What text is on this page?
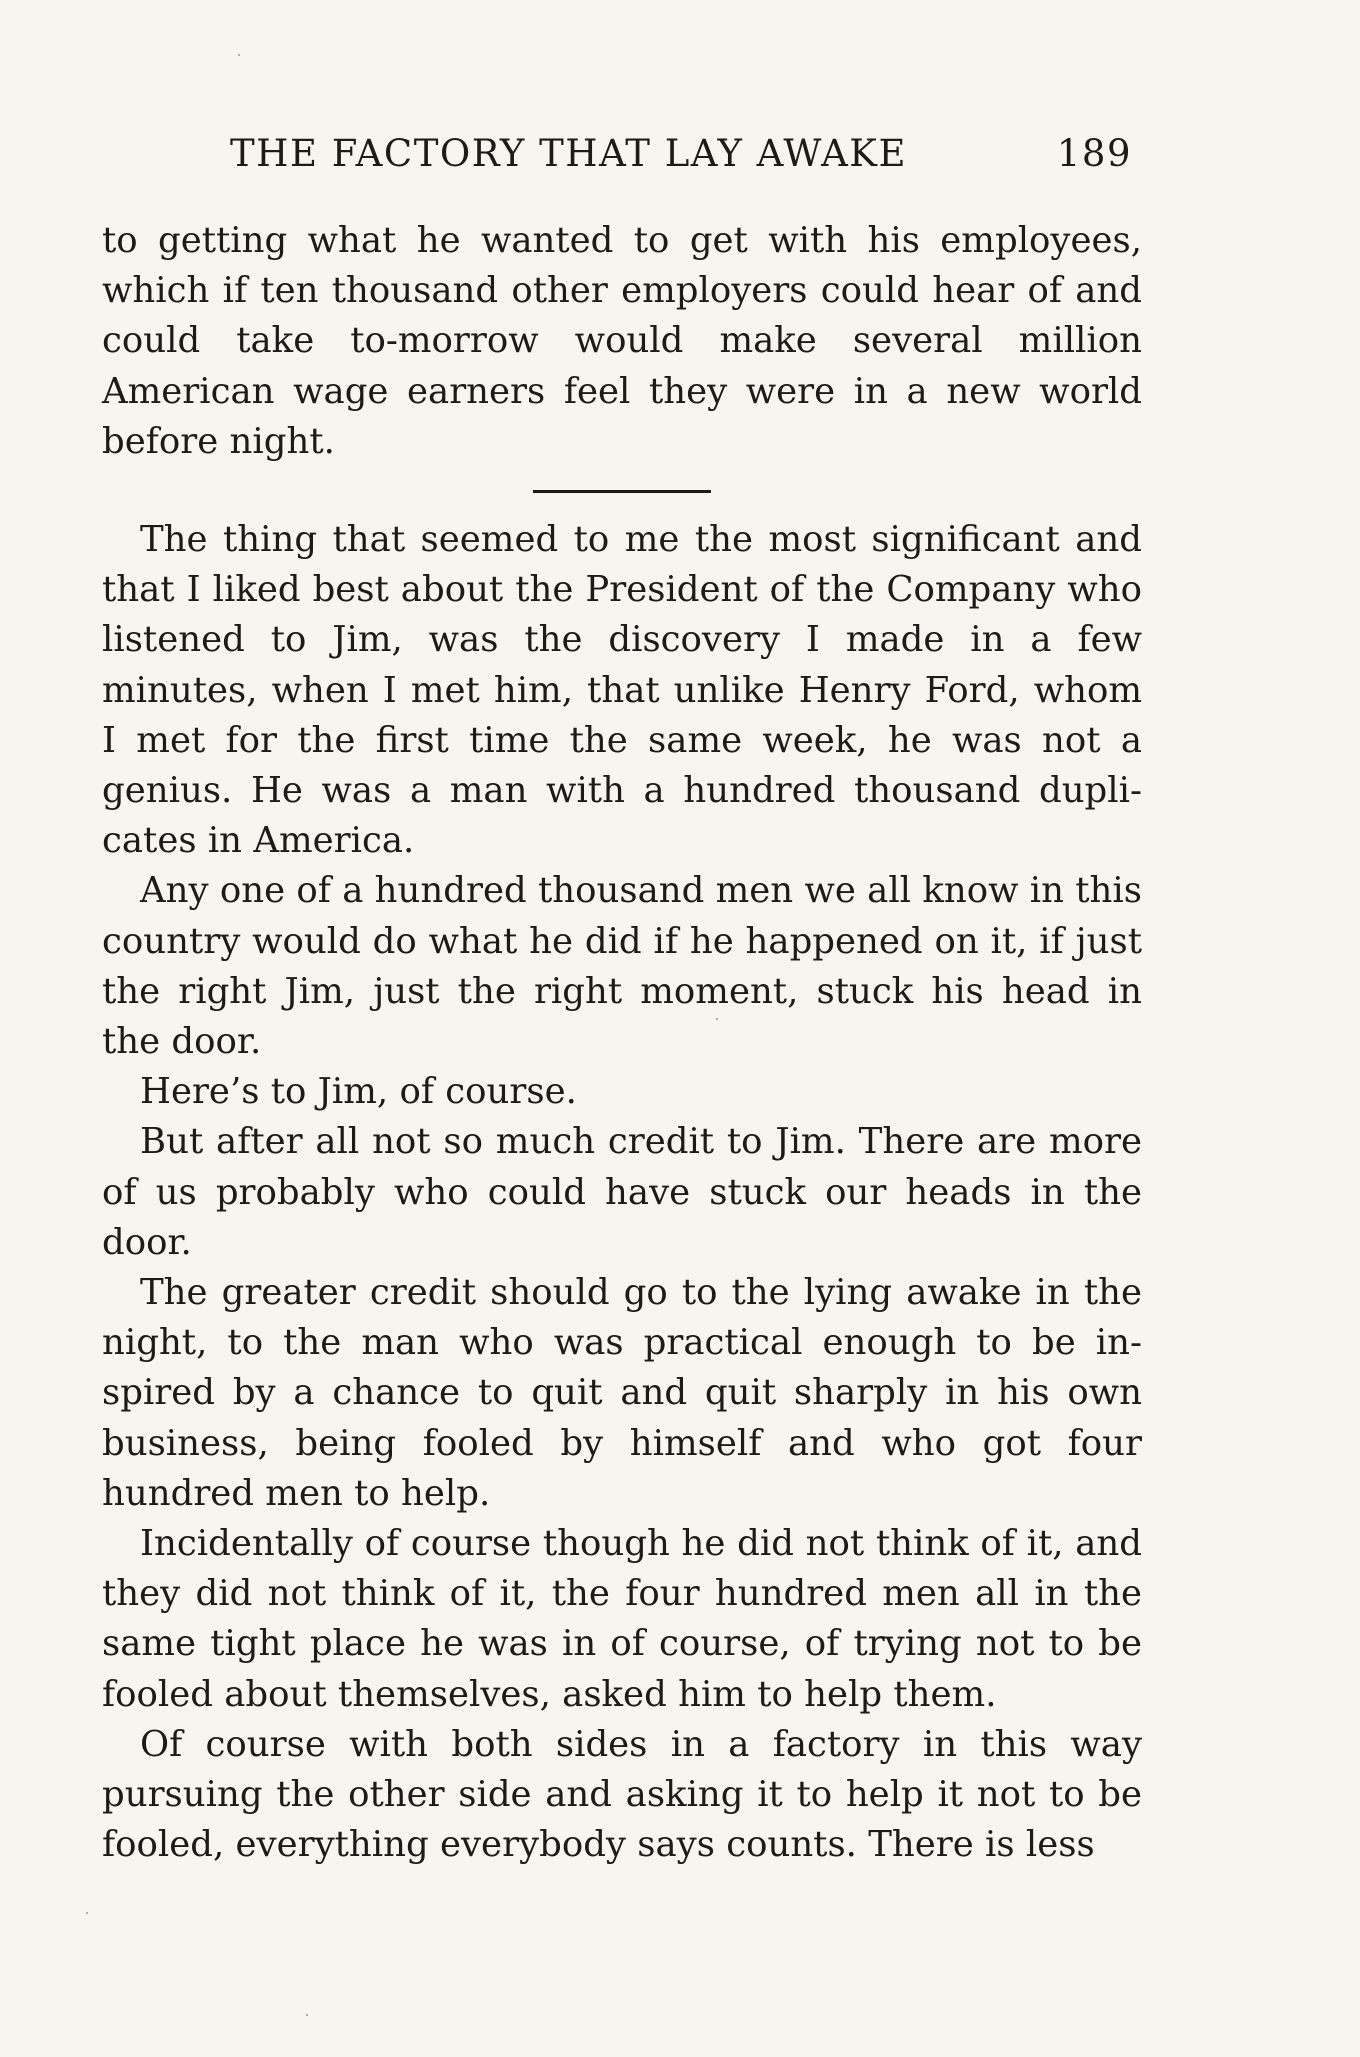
THE FACTORY THAT LAY AWAKE	189

to getting what he wanted to get with his employees, which if ten thousand other employers could hear of and could take to-morrow would make several million American wage earners feel they were in a new world before night.

The thing that seemed to me the most significant and that I liked best about the President of the Company who listened to Jim, was the discovery I made in a few minutes, when I met him, that unlike Henry Ford, whom I met for the first time the same week, he was not a genius. He was a man with a hundred thousand duplicates in America.

Any one of a hundred thousand men we all know in this country would do what he did if he happened on it, if just the right Jim, just the right moment, stuck his head in the door.

Here’s to Jim, of course.

But after all not so much credit to Jim. There are more of us probably who could have stuck our heads in the door.

The greater credit should go to the lying awake in the night, to the man who was practical enough to be inspired by a chance to quit and quit sharply in his own business, being fooled by himself and who got four hundred men to help.

Incidentally of course though he did not think of it, and they did not think of it, the four hundred men all in the same tight place he was in of course, of trying not to be fooled about themselves, asked him to help them.

Of course with both sides in a factory in this way pursuing the other side and asking it to help it not to be fooled, everything everybody says counts. There is less
